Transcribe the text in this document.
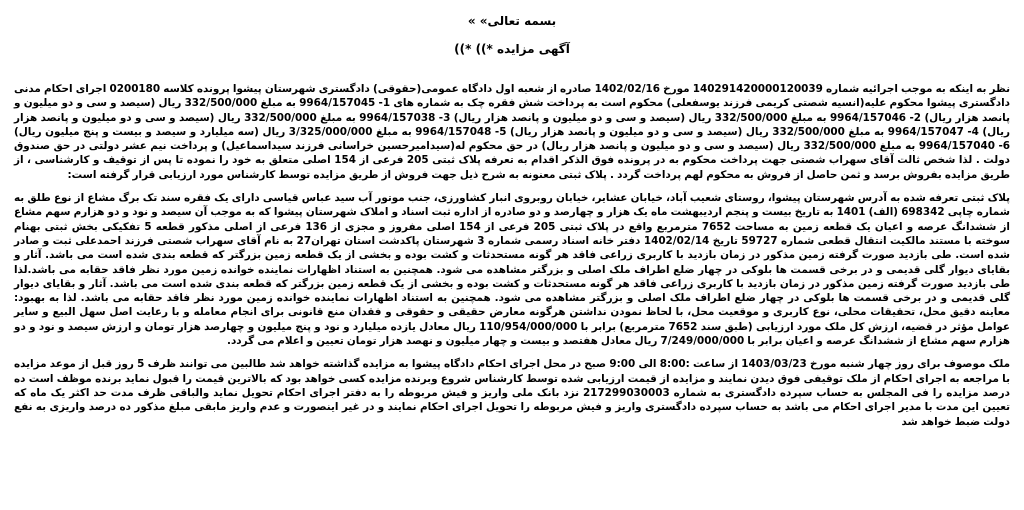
بسمه تعالی» »

آگهی مزایده *)) *))

نظر به اینکه به موجب اجرائیه شماره 140291420000120039 مورخ 1402/02/16 صادره از شعبه اول دادگاه عمومی(حقوقی) دادگستری شهرستان پیشوا پرونده کلاسه 0200180 اجرای احکام مدنی دادگستری پیشوا محکوم علیه(انسیه شصتی کریمی فرزند یوسفعلی) محکوم است به پرداخت شش فقره چک به شماره های 1- 9964/157045 به مبلغ 332/500/000 ریال (سیصد و سی و دو میلیون و پانصد هزار ریال) 2- 9964/157046 به مبلغ 332/500/000 ریال (سیصد و سی و دو میلیون و پانصد هزار ریال) 3- 9964/157038 به مبلغ 332/500/000 ریال (سیصد و سی و دو میلیون و پانصد هزار ریال) 4- 9964/157047 به مبلغ 332/500/000 ریال (سیصد و سی و دو میلیون و پانصد هزار ریال) 5- 9964/157048 به مبلغ 3/325/000/000 ریال (سه میلیارد و سیصد و بیست و پنج میلیون ریال) 6- 9964/157040 به مبلغ 332/500/000 ریال (سیصد و سی و دو میلیون و پانصد هزار ریال) در حق محکوم له(سیدامیرحسین خراسانی فرزند سیداسماعیل) و پرداخت نیم عشر دولتی در حق صندوق دولت . لذا شخص ثالت آقای سهراب شصتی جهت پرداخت محکوم به در پرونده فوق الذکر اقدام به تعرفه پلاک ثبتی 205 فرعی از 154 اصلی متعلق به خود را نموده تا پس از توقیف و کارشناسی ، از طریق مزایده بفروش برسد و ثمن حاصل از فروش به محکوم لهم پرداخت گردد . پلاک ثبتی معنونه به شرح ذیل جهت فروش از طریق مزایده توسط کارشناس مورد ارزیابی قرار گرفته است:

پلاک ثبتی تعرفه شده به آدرس شهرستان پیشوا، روستای شعیب آباد، خیابان عشایر، خیابان روبروی انبار کشاورزی، جنب موتور آب سید عباس قیاسی دارای یک فقره سند تک برگ مشاع از نوع طلق به شماره چاپی 698342 (الف) 1401 به تاریخ بیست و پنجم اردیبهشت ماه یک هزار و چهارصد و دو صادره از اداره ثبت اسناد و املاک شهرستان پیشوا که به موجب آن سیصد و نود و دو هزارم سهم مشاع از ششدانگ عرصه و اعیان یک قطعه زمین به مساحت 7652 مترمربع واقع در پلاک ثبتی 205 فرعی از 154 اصلی مفروز و مجزی از 136 فرعی از اصلی مذکور قطعه 5 تفکیکی بخش ثبتی بهنام سوخته با مستند مالکیت انتقال قطعی شماره 59727 تاریخ 1402/02/14 دفتر خانه اسناد رسمی شماره 3 شهرستان پاکدشت استان تهران27 به نام آقای سهراب شصتی فرزند احمدعلی ثبت و صادر شده است. طی بازدید صورت گرفته زمین مذکور در زمان بازدید با کاربری زراعی فاقد هر گونه مستحدثات و کشت بوده و بخشی از یک قطعه زمین بزرگتر که قطعه بندی شده است می باشد. آثار و بقایای دیوار گلی قدیمی و در برخی قسمت ها بلوکی در چهار ضلع اطراف ملک اصلی و بزرگتر مشاهده می شود. همچنین به استناد اظهارات نماینده خوانده زمین مورد نظر فاقد حقابه می باشد.لذا طی بازدید صورت گرفته زمین مذکور در زمان بازدید با کاربری زراعی فاقد هر گونه مستحدثات و کشت بوده و بخشی از یک قطعه زمین بزرگتر که قطعه بندی شده است می باشد. آثار و بقایای دیوار گلی قدیمی و در برخی قسمت ها بلوکی در چهار ضلع اطراف ملک اصلی و بزرگتر مشاهده می شود. همچنین به استناد اظهارات نماینده خوانده زمین مورد نظر فاقد حقابه می باشد. لذا به بهبود: معاینه دقیق محل، تحقیقات محلی، نوع کاربری و موقعیت محل، با لحاظ نمودن نداشتن هرگونه معارض حقیقی و حقوقی و فقدان منع قانونی برای انجام معامله و با رعایت اصل سهل البیع و سایر عوامل مؤثر در قضیه، ارزش کل ملک مورد ارزیابی (طبق سند 7652 مترمربع) برابر با 110/954/000/000 ریال معادل یازده میلیارد و نود و پنج میلیون و چهارصد هزار تومان و ارزش سیصد و نود و دو هزارم سهم مشاع از ششدانگ عرصه و اعیان برابر با 7/249/000/000 ریال معادل هفتصد و بیست و چهار میلیون و نهصد هزار تومان تعیین و اعلام می گردد.

ملک موصوف برای روز چهار شنبه مورخ 1403/03/23 از ساعت :8:00 الی 9:00 صبح در محل اجرای احکام دادگاه پیشوا به مزایده گذاشته خواهد شد طالبین می توانند ظرف 5 روز قبل از موعد مزایده با مراجعه به اجرای احکام از ملک توقیفی فوق دیدن نمایند و مزایده از قیمت ارزیابی شده توسط کارشناس شروع وبرنده مزایده کسی خواهد بود که بالاترین قیمت را قبول نماید برنده موظف است ده درصد مزایده را فی المجلس به حساب سپرده دادگستری به شماره 217299030003 نزد بانک ملی واریز و فیش مربوطه را به دفتر اجرای احکام تحویل نماید والباقی ظرف مدت حد اکثر یک ماه که تعیین این مدت با مدیر اجرای احکام می باشد به حساب سپرده دادگستری واریز و فیش مربوطه را تحویل اجرای احکام نمایند و در غیر اینصورت و عدم واریز مابقی مبلغ مذکور ده درصد واریزی به نفع دولت ضبط خواهد شد
